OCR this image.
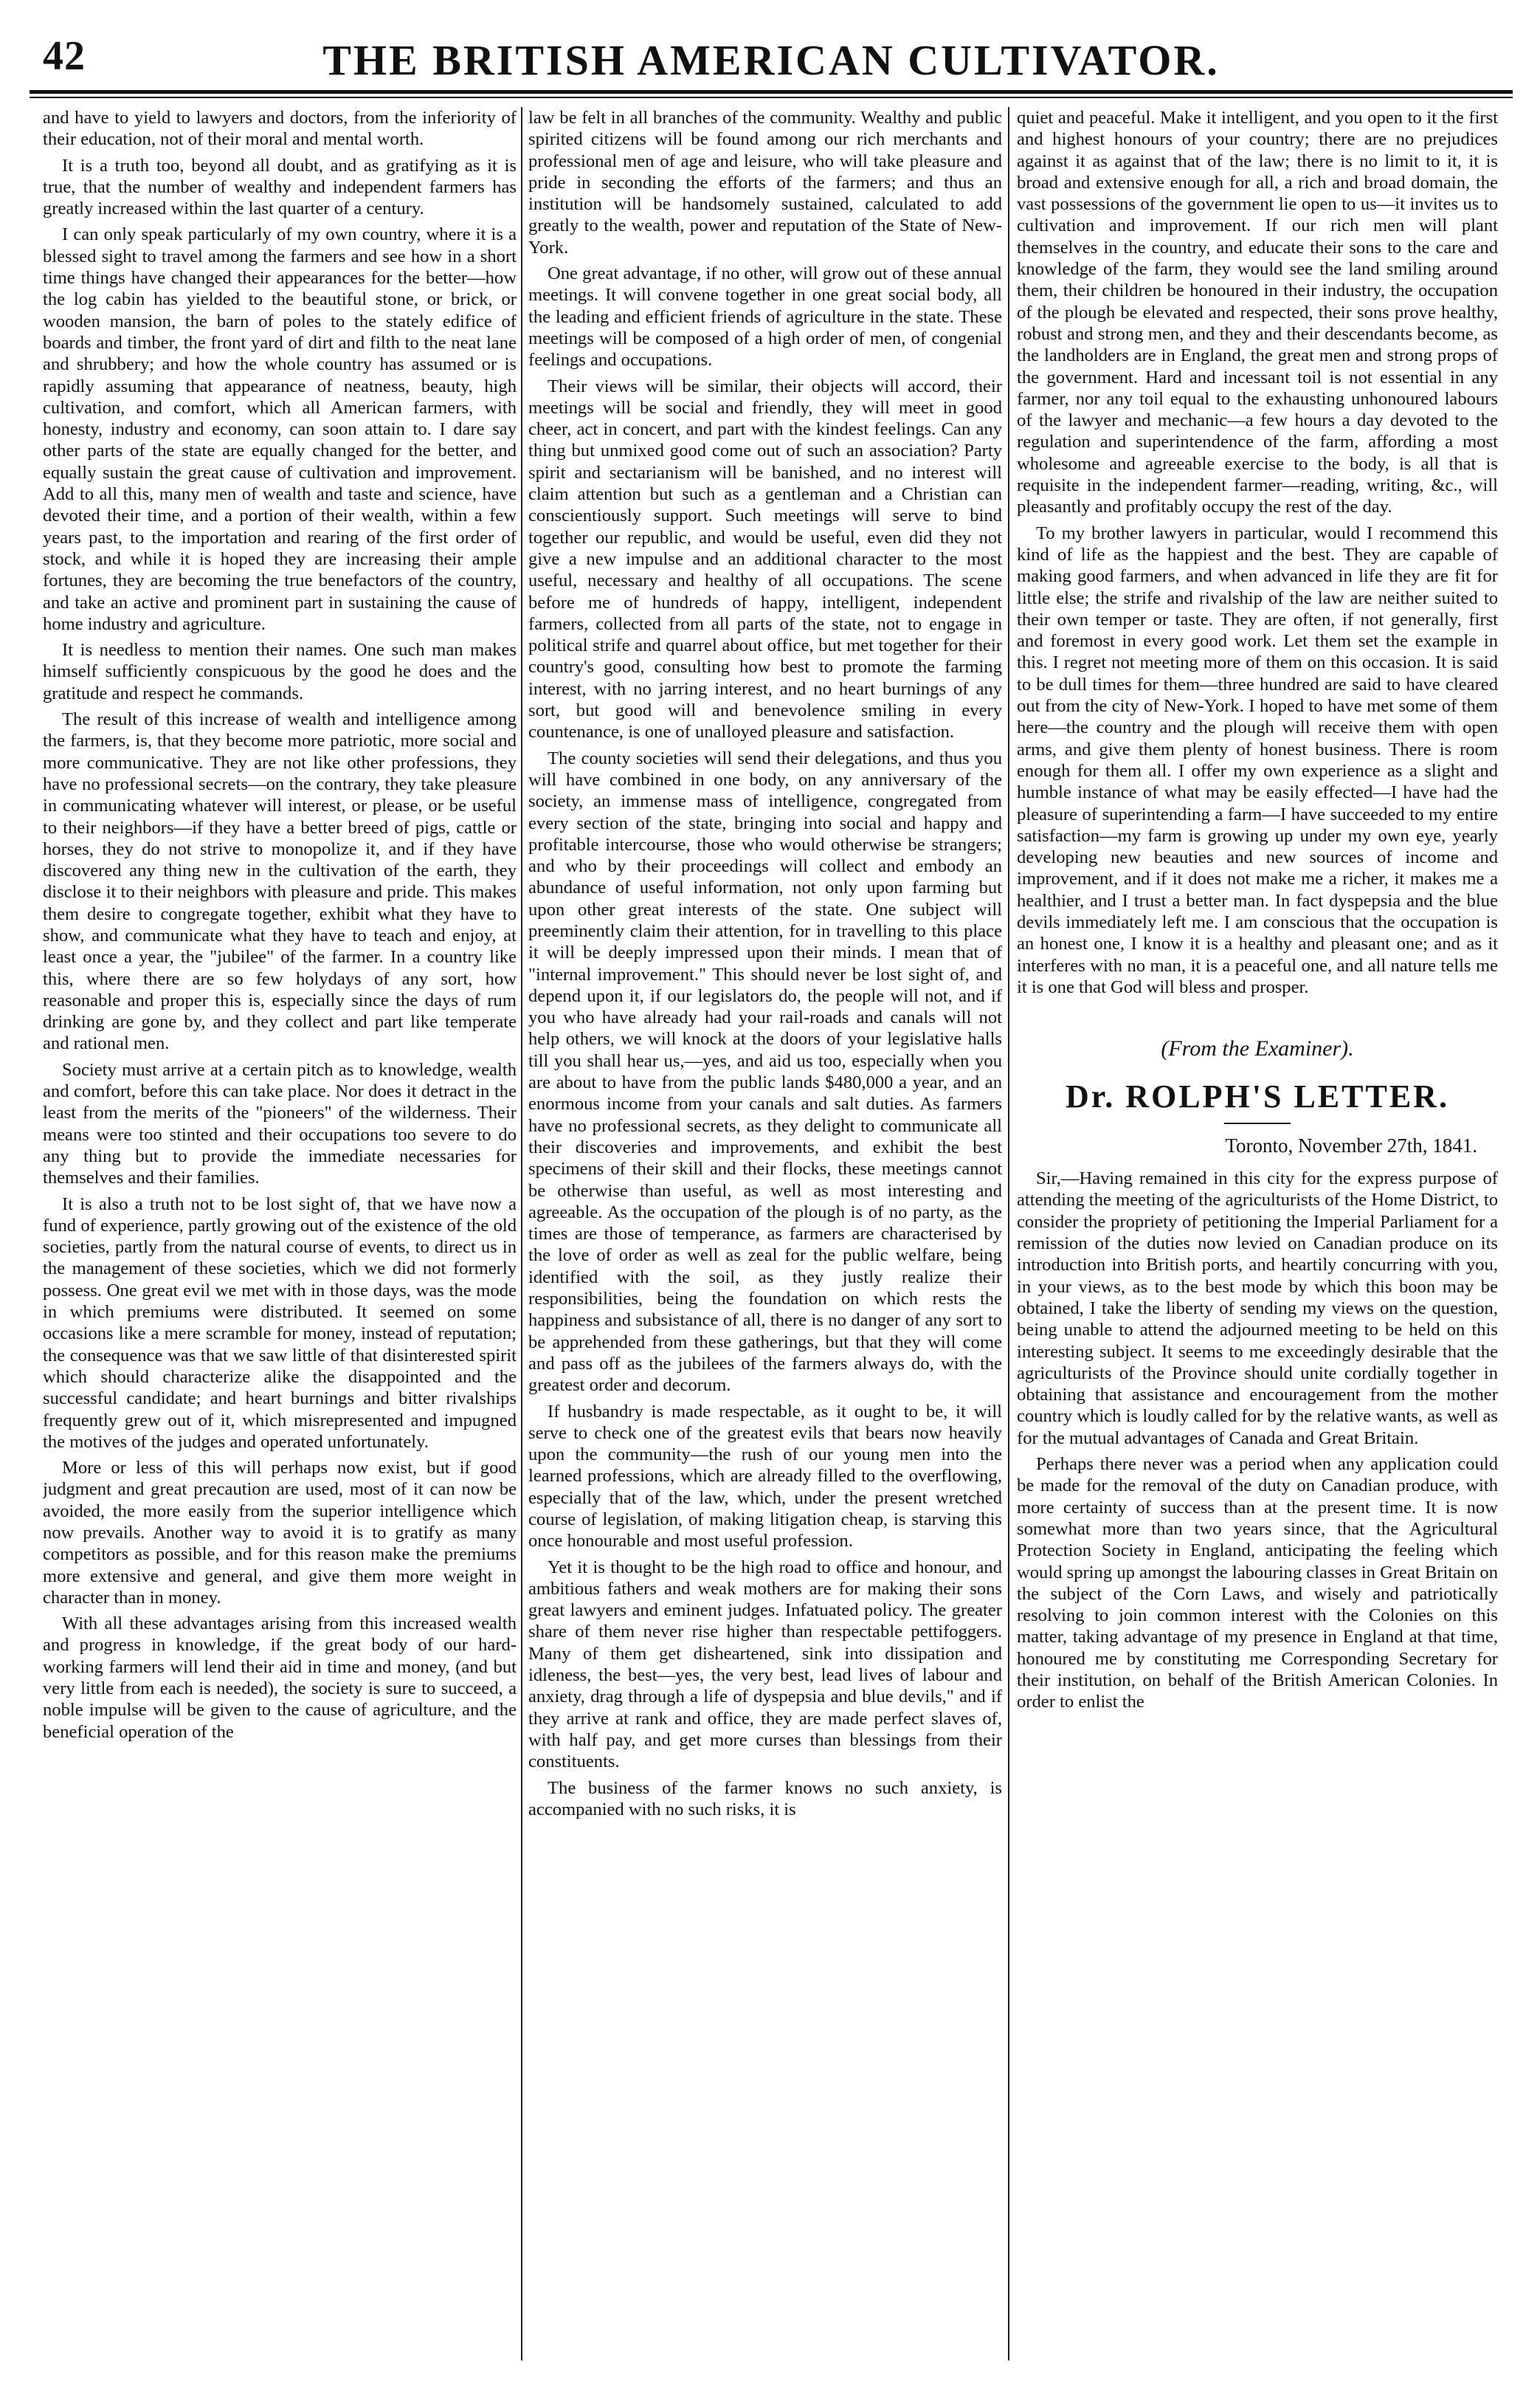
42	THE BRITISH AMERICAN CULTIVATOR.

and have to yield to lawyers and doctors, from the inferiority of their education, not of their moral and mental worth.

It is a truth too, beyond all doubt, and as gratifying as it is true, that the number of wealthy and independent farmers has greatly increased within the last quarter of a century.

I can only speak particularly of my own country, where it is a blessed sight to travel among the farmers and see how in a short time things have changed their appearances for the better—how the log cabin has yielded to the beautiful stone, or brick, or wooden mansion, the barn of poles to the stately edifice of boards and timber, the front yard of dirt and filth to the neat lane and shrubbery; and how the whole country has assumed or is rapidly assuming that appearance of neatness, beauty, high cultivation, and comfort, which all American farmers, with honesty, industry and economy, can soon attain to. I dare say other parts of the state are equally changed for the better, and equally sustain the great cause of cultivation and improvement. Add to all this, many men of wealth and taste and science, have devoted their time, and a portion of their wealth, within a few years past, to the importation and rearing of the first order of stock, and while it is hoped they are increasing their ample fortunes, they are becoming the true benefactors of the country, and take an active and prominent part in sustaining the cause of home industry and agriculture.

It is needless to mention their names. One such man makes himself sufficiently conspicuous by the good he does and the gratitude and respect he commands.

The result of this increase of wealth and intelligence among the farmers, is, that they become more patriotic, more social and more communicative. They are not like other professions, they have no professional secrets—on the contrary, they take pleasure in communicating whatever will interest, or please, or be useful to their neighbors—if they have a better breed of pigs, cattle or horses, they do not strive to monopolize it, and if they have discovered any thing new in the cultivation of the earth, they disclose it to their neighbors with pleasure and pride. This makes them desire to congregate together, exhibit what they have to show, and communicate what they have to teach and enjoy, at least once a year, the "jubilee" of the farmer. In a country like this, where there are so few holydays of any sort, how reasonable and proper this is, especially since the days of rum drinking are gone by, and they collect and part like temperate and rational men.

Society must arrive at a certain pitch as to knowledge, wealth and comfort, before this can take place. Nor does it detract in the least from the merits of the "pioneers" of the wilderness. Their means were too stinted and their occupations too severe to do any thing but to provide the immediate necessaries for themselves and their families.

It is also a truth not to be lost sight of, that we have now a fund of experience, partly growing out of the existence of the old societies, partly from the natural course of events, to direct us in the management of these societies, which we did not formerly possess. One great evil we met with in those days, was the mode in which premiums were distributed. It seemed on some occasions like a mere scramble for money, instead of reputation; the consequence was that we saw little of that disinterested spirit which should characterize alike the disappointed and the successful candidate; and heart burnings and bitter rivalships frequently grew out of it, which misrepresented and impugned the motives of the judges and operated unfortunately.

More or less of this will perhaps now exist, but if good judgment and great precaution are used, most of it can now be avoided, the more easily from the superior intelligence which now prevails. Another way to avoid it is to gratify as many competitors as possible, and for this reason make the premiums more extensive and general, and give them more weight in character than in money.

With all these advantages arising from this increased wealth and progress in knowledge, if the great body of our hard-working farmers will lend their aid in time and money, (and but very little from each is needed), the society is sure to succeed, a noble impulse will be given to the cause of agriculture, and the beneficial operation of the

law be felt in all branches of the community. Wealthy and public spirited citizens will be found among our rich merchants and professional men of age and leisure, who will take pleasure and pride in seconding the efforts of the farmers; and thus an institution will be handsomely sustained, calculated to add greatly to the wealth, power and reputation of the State of New-York.

One great advantage, if no other, will grow out of these annual meetings. It will convene together in one great social body, all the leading and efficient friends of agriculture in the state. These meetings will be composed of a high order of men, of congenial feelings and occupations.

Their views will be similar, their objects will accord, their meetings will be social and friendly, they will meet in good cheer, act in concert, and part with the kindest feelings. Can any thing but unmixed good come out of such an association? Party spirit and sectarianism will be banished, and no interest will claim attention but such as a gentleman and a Christian can conscientiously support. Such meetings will serve to bind together our republic, and would be useful, even did they not give a new impulse and an additional character to the most useful, necessary and healthy of all occupations. The scene before me of hundreds of happy, intelligent, independent farmers, collected from all parts of the state, not to engage in political strife and quarrel about office, but met together for their country's good, consulting how best to promote the farming interest, with no jarring interest, and no heart burnings of any sort, but good will and benevolence smiling in every countenance, is one of unalloyed pleasure and satisfaction.

The county societies will send their delegations, and thus you will have combined in one body, on any anniversary of the society, an immense mass of intelligence, congregated from every section of the state, bringing into social and happy and profitable intercourse, those who would otherwise be strangers; and who by their proceedings will collect and embody an abundance of useful information, not only upon farming but upon other great interests of the state. One subject will preeminently claim their attention, for in travelling to this place it will be deeply impressed upon their minds. I mean that of "internal improvement." This should never be lost sight of, and depend upon it, if our legislators do, the people will not, and if you who have already had your rail-roads and canals will not help others, we will knock at the doors of your legislative halls till you shall hear us,—yes, and aid us too, especially when you are about to have from the public lands $480,000 a year, and an enormous income from your canals and salt duties. As farmers have no professional secrets, as they delight to communicate all their discoveries and improvements, and exhibit the best specimens of their skill and their flocks, these meetings cannot be otherwise than useful, as well as most interesting and agreeable. As the occupation of the plough is of no party, as the times are those of temperance, as farmers are characterised by the love of order as well as zeal for the public welfare, being identified with the soil, as they justly realize their responsibilities, being the foundation on which rests the happiness and subsistance of all, there is no danger of any sort to be apprehended from these gatherings, but that they will come and pass off as the jubilees of the farmers always do, with the greatest order and decorum.

If husbandry is made respectable, as it ought to be, it will serve to check one of the greatest evils that bears now heavily upon the community—the rush of our young men into the learned professions, which are already filled to the overflowing, especially that of the law, which, under the present wretched course of legislation, of making litigation cheap, is starving this once honourable and most useful profession.

Yet it is thought to be the high road to office and honour, and ambitious fathers and weak mothers are for making their sons great lawyers and eminent judges. Infatuated policy. The greater share of them never rise higher than respectable pettifoggers. Many of them get disheartened, sink into dissipation and idleness, the best—yes, the very best, lead lives of labour and anxiety, drag through a life of dyspepsia and blue devils," and if they arrive at rank and office, they are made perfect slaves of, with half pay, and get more curses than blessings from their constituents.

The business of the farmer knows no such anxiety, is accompanied with no such risks, it is

quiet and peaceful. Make it intelligent, and you open to it the first and highest honours of your country; there are no prejudices against it as against that of the law; there is no limit to it, it is broad and extensive enough for all, a rich and broad domain, the vast possessions of the government lie open to us—it invites us to cultivation and improvement. If our rich men will plant themselves in the country, and educate their sons to the care and knowledge of the farm, they would see the land smiling around them, their children be honoured in their industry, the occupation of the plough be elevated and respected, their sons prove healthy, robust and strong men, and they and their descendants become, as the landholders are in England, the great men and strong props of the government. Hard and incessant toil is not essential in any farmer, nor any toil equal to the exhausting unhonoured labours of the lawyer and mechanic—a few hours a day devoted to the regulation and superintendence of the farm, affording a most wholesome and agreeable exercise to the body, is all that is requisite in the independent farmer—reading, writing, &c., will pleasantly and profitably occupy the rest of the day.

To my brother lawyers in particular, would I recommend this kind of life as the happiest and the best. They are capable of making good farmers, and when advanced in life they are fit for little else; the strife and rivalship of the law are neither suited to their own temper or taste. They are often, if not generally, first and foremost in every good work. Let them set the example in this. I regret not meeting more of them on this occasion. It is said to be dull times for them—three hundred are said to have cleared out from the city of New-York. I hoped to have met some of them here—the country and the plough will receive them with open arms, and give them plenty of honest business. There is room enough for them all. I offer my own experience as a slight and humble instance of what may be easily effected—I have had the pleasure of superintending a farm—I have succeeded to my entire satisfaction—my farm is growing up under my own eye, yearly developing new beauties and new sources of income and improvement, and if it does not make me a richer, it makes me a healthier, and I trust a better man. In fact dyspepsia and the blue devils immediately left me. I am conscious that the occupation is an honest one, I know it is a healthy and pleasant one; and as it interferes with no man, it is a peaceful one, and all nature tells me it is one that God will bless and prosper.

(From the Examiner).
Dr. ROLPH'S LETTER.
Toronto, November 27th, 1841.

Sir,—Having remained in this city for the express purpose of attending the meeting of the agriculturists of the Home District, to consider the propriety of petitioning the Imperial Parliament for a remission of the duties now levied on Canadian produce on its introduction into British ports, and heartily concurring with you, in your views, as to the best mode by which this boon may be obtained, I take the liberty of sending my views on the question, being unable to attend the adjourned meeting to be held on this interesting subject. It seems to me exceedingly desirable that the agriculturists of the Province should unite cordially together in obtaining that assistance and encouragement from the mother country which is loudly called for by the relative wants, as well as for the mutual advantages of Canada and Great Britain.

Perhaps there never was a period when any application could be made for the removal of the duty on Canadian produce, with more certainty of success than at the present time. It is now somewhat more than two years since, that the Agricultural Protection Society in England, anticipating the feeling which would spring up amongst the labouring classes in Great Britain on the subject of the Corn Laws, and wisely and patriotically resolving to join common interest with the Colonies on this matter, taking advantage of my presence in England at that time, honoured me by constituting me Corresponding Secretary for their institution, on behalf of the British American Colonies. In order to enlist the
